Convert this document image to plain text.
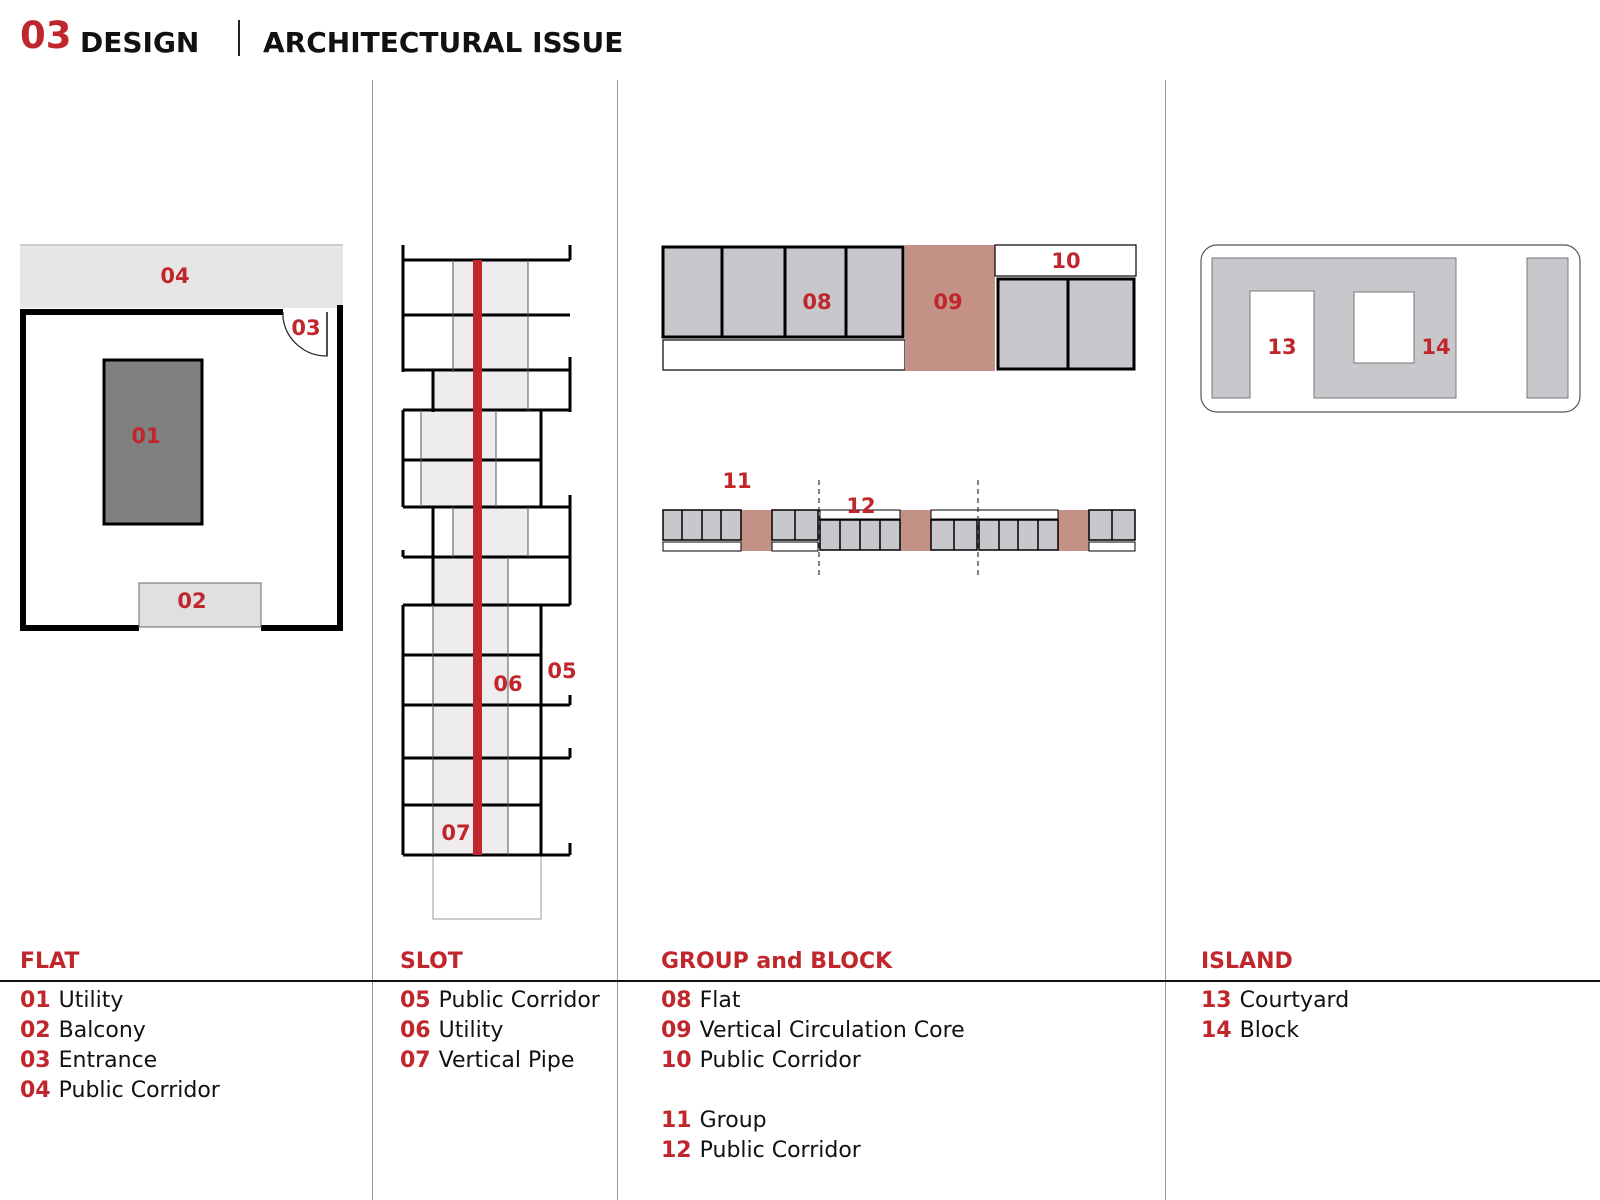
03 DESIGN ARCHITECTURAL ISSUE
04
03
01
02
06
05
07
08	09
10
11
12
13	14
FLAT	SLOT	GROUP and BLOCK	ISLAND
01 Utility
02 Balcony
03 Entrance
04 Public Corridor
05 Public Corridor
06 Utility
07 Vertical Pipe
08 Flat
09 Vertical Circulation Core
10 Public Corridor
11 Group
12 Public Corridor
13 Courtyard
14 Block
